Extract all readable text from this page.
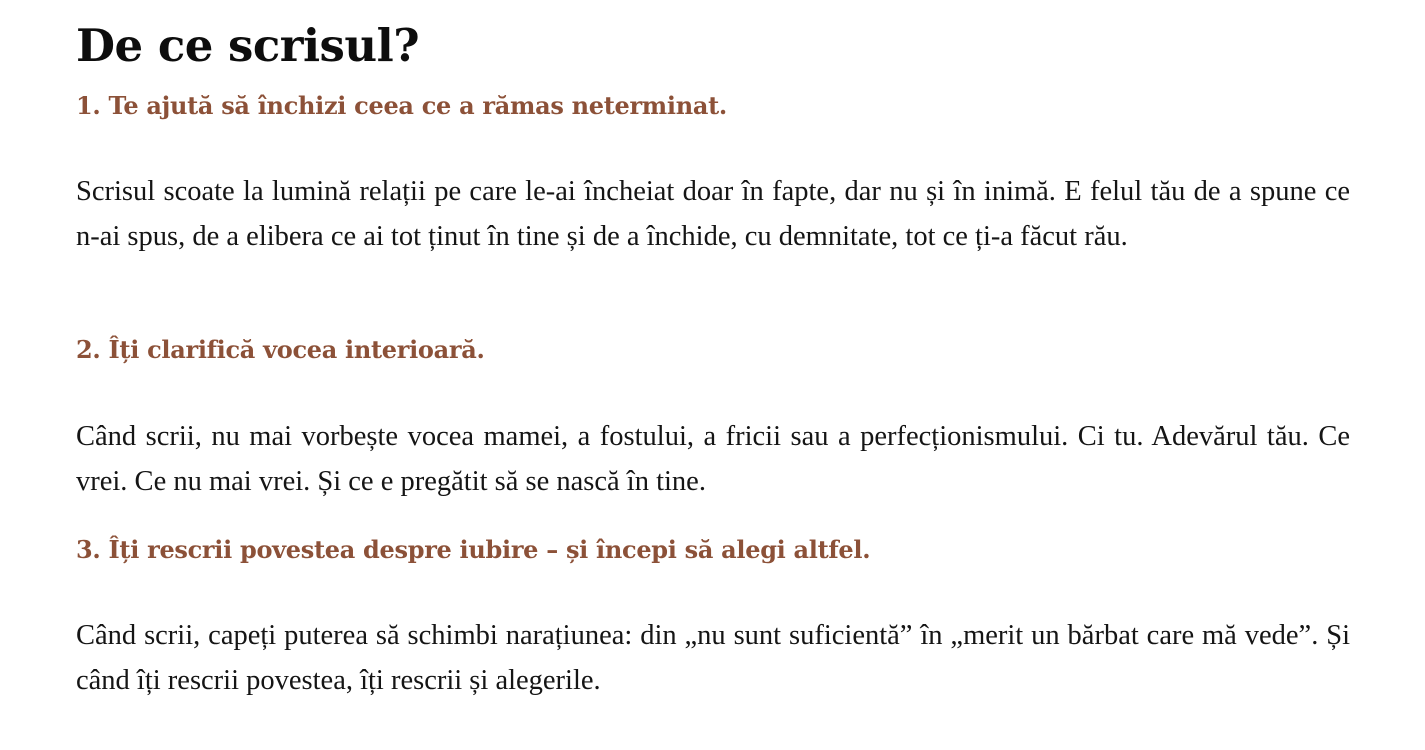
De ce scrisul?
1. Te ajută să închizi ceea ce a rămas neterminat.

Scrisul scoate la lumină relații pe care le-ai încheiat doar în fapte, dar nu și în inimă. E felul tău de a spune ce n-ai spus, de a elibera ce ai tot ținut în tine și de a închide, cu demnitate, tot ce ți-a făcut rău.

2. Îți clarifică vocea interioară.

Când scrii, nu mai vorbește vocea mamei, a fostului, a fricii sau a perfecționismului. Ci tu. Adevărul tău. Ce vrei. Ce nu mai vrei. Și ce e pregătit să se nască în tine.

3. Îți rescrii povestea despre iubire – și începi să alegi altfel.

Când scrii, capeți puterea să schimbi narațiunea: din „nu sunt suficientă” în „merit un bărbat care mă vede”. Și când îți rescrii povestea, îți rescrii și alegerile.
